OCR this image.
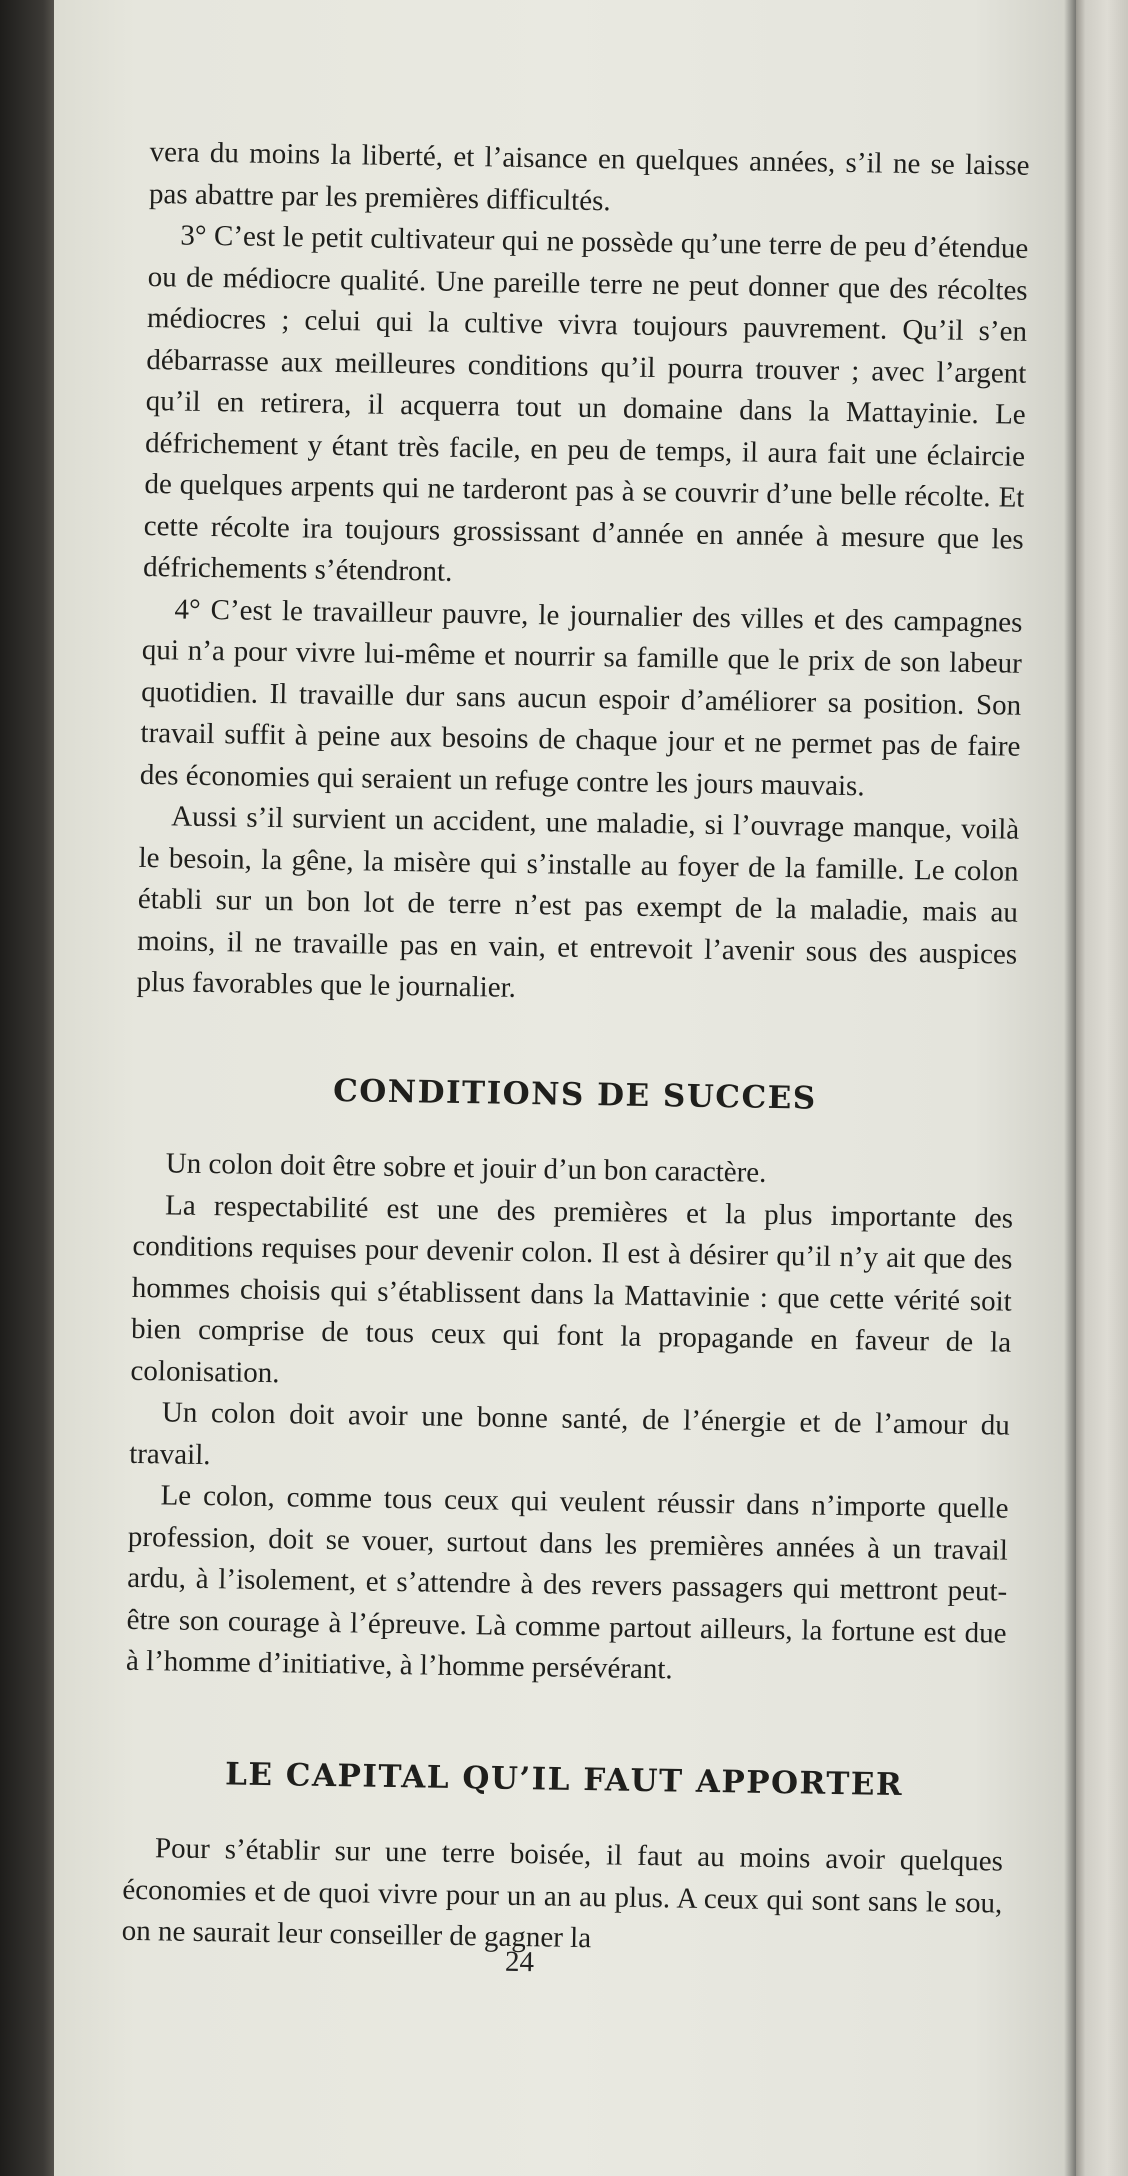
vera du moins la liberté, et l’aisance en quelques années, s’il ne se laisse pas abattre par les premières difficultés.

3° C’est le petit cultivateur qui ne possède qu’une terre de peu d’étendue ou de médiocre qualité. Une pareille terre ne peut donner que des récoltes médiocres ; celui qui la cultive vivra toujours pauvrement. Qu’il s’en débarrasse aux meilleures conditions qu’il pourra trouver ; avec l’argent qu’il en retirera, il acquerra tout un domaine dans la Mattayinie. Le défrichement y étant très facile, en peu de temps, il aura fait une éclaircie de quelques arpents qui ne tarderont pas à se couvrir d’une belle récolte. Et cette récolte ira toujours grossissant d’année en année à mesure que les défrichements s’étendront.

4° C’est le travailleur pauvre, le journalier des villes et des campagnes qui n’a pour vivre lui-même et nourrir sa famille que le prix de son labeur quotidien. Il travaille dur sans aucun espoir d’améliorer sa position. Son travail suffit à peine aux besoins de chaque jour et ne permet pas de faire des économies qui seraient un refuge contre les jours mauvais.

Aussi s’il survient un accident, une maladie, si l’ouvrage manque, voilà le besoin, la gêne, la misère qui s’installe au foyer de la famille. Le colon établi sur un bon lot de terre n’est pas exempt de la maladie, mais au moins, il ne travaille pas en vain, et entrevoit l’avenir sous des auspices plus favorables que le journalier.

CONDITIONS DE SUCCES

Un colon doit être sobre et jouir d’un bon caractère.

La respectabilité est une des premières et la plus importante des conditions requises pour devenir colon. Il est à désirer qu’il n’y ait que des hommes choisis qui s’établissent dans la Mattavinie : que cette vérité soit bien comprise de tous ceux qui font la propagande en faveur de la colonisation.

Un colon doit avoir une bonne santé, de l’énergie et de l’amour du travail.

Le colon, comme tous ceux qui veulent réussir dans n’importe quelle profession, doit se vouer, surtout dans les premières années à un travail ardu, à l’isolement, et s’attendre à des revers passagers qui mettront peut-être son courage à l’épreuve. Là comme partout ailleurs, la fortune est due à l’homme d’initiative, à l’homme persévérant.

LE CAPITAL QU’IL FAUT APPORTER

Pour s’établir sur une terre boisée, il faut au moins avoir quelques économies et de quoi vivre pour un an au plus. A ceux qui sont sans le sou, on ne saurait leur conseiller de gagner la

24
